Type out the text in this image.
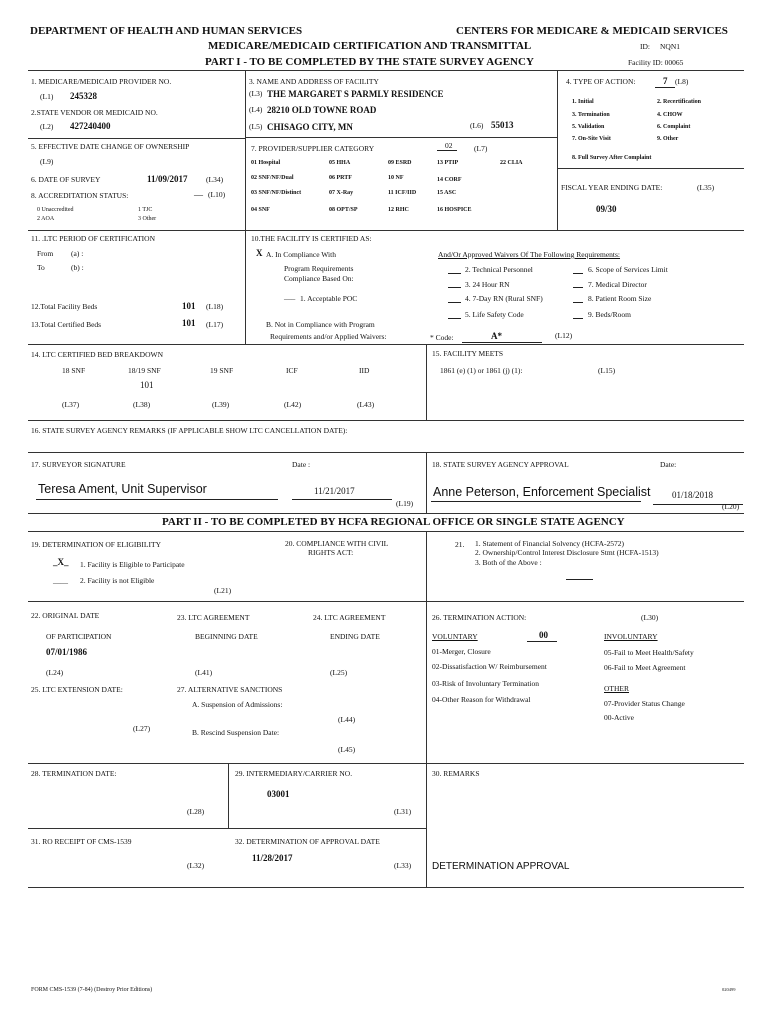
DEPARTMENT OF HEALTH AND HUMAN SERVICES	CENTERS FOR MEDICARE & MEDICAID SERVICES
MEDICARE/MEDICAID CERTIFICATION AND TRANSMITTAL	ID: NQN1
PART I - TO BE COMPLETED BY THE STATE SURVEY AGENCY	Facility ID: 00065
1. MEDICARE/MEDICAID PROVIDER NO.
(L1) 245328
2.STATE VENDOR OR MEDICAID NO.
(L2) 427240400
3. NAME AND ADDRESS OF FACILITY
(L3) THE MARGARET S PARMLY RESIDENCE
(L4) 28210 OLD TOWNE ROAD
(L5) CHISAGO CITY, MN	(L6) 55013
4. TYPE OF ACTION:	7 (L8)
1. Initial	2. Recertification
3. Termination	4. CHOW
5. Validation	6. Complaint
7. On-Site Visit	9. Other
8. Full Survey After Complaint
5. EFFECTIVE DATE CHANGE OF OWNERSHIP
(L9)
6. DATE OF SURVEY	11/09/2017 (L34)
8. ACCREDITATION STATUS:	__ (L10)
0 Unaccredited	1 TJC
2 AOA	3 Other
7. PROVIDER/SUPPLIER CATEGORY	02	(L7)
01 Hospital	05 HHA	09 ESRD	13 PTIP	22 CLIA
02 SNF/NF/Dual	06 PRTF	10 NF	14 CORF
03 SNF/NF/Distinct	07 X-Ray	11 ICF/IID	15 ASC
04 SNF	08 OPT/SP	12 RHC	16 HOSPICE
FISCAL YEAR ENDING DATE:	(L35)
09/30
11. .LTC PERIOD OF CERTIFICATION
From (a) :
To	(b) :
12.Total Facility Beds	101 (L18)
13.Total Certified Beds	101 (L17)
10.THE FACILITY IS CERTIFIED AS:
X A. In Compliance With
Program Requirements
Compliance Based On:
___ 1. Acceptable POC
B. Not in Compliance with Program
Requirements and/or Applied Waivers:
And/Or Approved Waivers Of The Following Requirements:
2. Technical Personnel
3. 24 Hour RN
4. 7-Day RN (Rural SNF)
5. Life Safety Code
6. Scope of Services Limit
7. Medical Director
8. Patient Room Size
9. Beds/Room
* Code:	A*	(L12)
14. LTC CERTIFIED BED BREAKDOWN
18 SNF	18/19 SNF	19 SNF	ICF	IID
101
(L37)	(L38)	(L39)	(L42)	(L43)
15. FACILITY MEETS
1861 (e) (1) or 1861 (j) (1):	(L15)
16. STATE SURVEY AGENCY REMARKS (IF APPLICABLE SHOW LTC CANCELLATION DATE):
17. SURVEYOR SIGNATURE	Date :
Teresa Ament, Unit Supervisor	11/21/2017
(L19)
18. STATE SURVEY AGENCY APPROVAL	Date:
Anne Peterson, Enforcement Specialist 01/18/2018
(L20)
PART II - TO BE COMPLETED BY HCFA REGIONAL OFFICE OR SINGLE STATE AGENCY
19. DETERMINATION OF ELIGIBILITY
_X_ 1. Facility is Eligible to Participate
____ 2. Facility is not Eligible
(L21)
20. COMPLIANCE WITH CIVIL
RIGHTS ACT:
21. 1. Statement of Financial Solvency (HCFA-2572)
2. Ownership/Control Interest Disclosure Stmt (HCFA-1513)
3. Both of the Above :
22. ORIGINAL DATE
OF PARTICIPATION
07/01/1986
(L24)
23. LTC AGREEMENT
BEGINNING DATE
(L41)
24. LTC AGREEMENT
ENDING DATE
(L25)
25. LTC EXTENSION DATE:
(L27)
27. ALTERNATIVE SANCTIONS
A. Suspension of Admissions:
(L44)
B. Rescind Suspension Date:
(L45)
26. TERMINATION ACTION:	(L30)
VOLUNTARY	00	INVOLUNTARY
01-Merger, Closure
02-Dissatisfaction W/ Reimbursement
03-Risk of Involuntary Termination
04-Other Reason for Withdrawal
05-Fail to Meet Health/Safety
06-Fail to Meet Agreement
OTHER
07-Provider Status Change
00-Active
28. TERMINATION DATE:
(L28)
29. INTERMEDIARY/CARRIER NO.
03001
(L31)
30. REMARKS
31. RO RECEIPT OF CMS-1539
(L32)
32. DETERMINATION OF APPROVAL DATE
11/28/2017
(L33) DETERMINATION APPROVAL
FORM CMS-1539 (7-84) (Destroy Prior Editions)	020499
